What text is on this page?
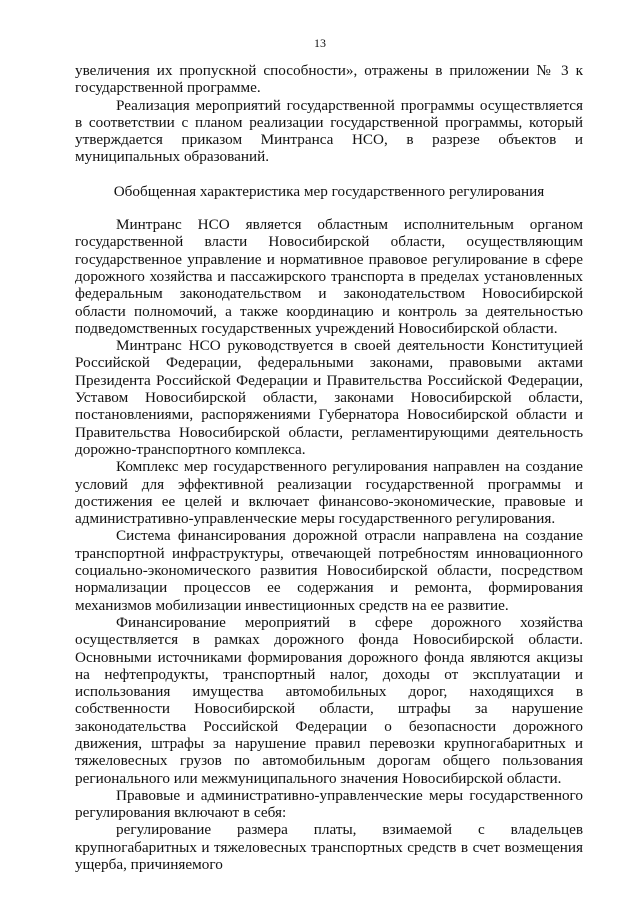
13

увеличения их пропускной способности», отражены в приложении № 3 к государственной программе.

Реализация мероприятий государственной программы осуществляется в соответствии с планом реализации государственной программы, который утверждается приказом Минтранса НСО, в разрезе объектов и муниципальных образований.

Обобщенная характеристика мер государственного регулирования

Минтранс НСО является областным исполнительным органом государственной власти Новосибирской области, осуществляющим государственное управление и нормативное правовое регулирование в сфере дорожного хозяйства и пассажирского транспорта в пределах установленных федеральным законодательством и законодательством Новосибирской области полномочий, а также координацию и контроль за деятельностью подведомственных государственных учреждений Новосибирской области.

Минтранс НСО руководствуется в своей деятельности Конституцией Российской Федерации, федеральными законами, правовыми актами Президента Российской Федерации и Правительства Российской Федерации, Уставом Новосибирской области, законами Новосибирской области, постановлениями, распоряжениями Губернатора Новосибирской области и Правительства Новосибирской области, регламентирующими деятельность дорожно-транспортного комплекса.

Комплекс мер государственного регулирования направлен на создание условий для эффективной реализации государственной программы и достижения ее целей и включает финансово-экономические, правовые и административно-управленческие меры государственного регулирования.

Система финансирования дорожной отрасли направлена на создание транспортной инфраструктуры, отвечающей потребностям инновационного социально-экономического развития Новосибирской области, посредством нормализации процессов ее содержания и ремонта, формирования механизмов мобилизации инвестиционных средств на ее развитие.

Финансирование мероприятий в сфере дорожного хозяйства осуществляется в рамках дорожного фонда Новосибирской области. Основными источниками формирования дорожного фонда являются акцизы на нефтепродукты, транспортный налог, доходы от эксплуатации и использования имущества автомобильных дорог, находящихся в собственности Новосибирской области, штрафы за нарушение законодательства Российской Федерации о безопасности дорожного движения, штрафы за нарушение правил перевозки крупногабаритных и тяжеловесных грузов по автомобильным дорогам общего пользования регионального или межмуниципального значения Новосибирской области.

Правовые и административно-управленческие меры государственного регулирования включают в себя:

регулирование размера платы, взимаемой с владельцев крупногабаритных и тяжеловесных транспортных средств в счет возмещения ущерба, причиняемого
